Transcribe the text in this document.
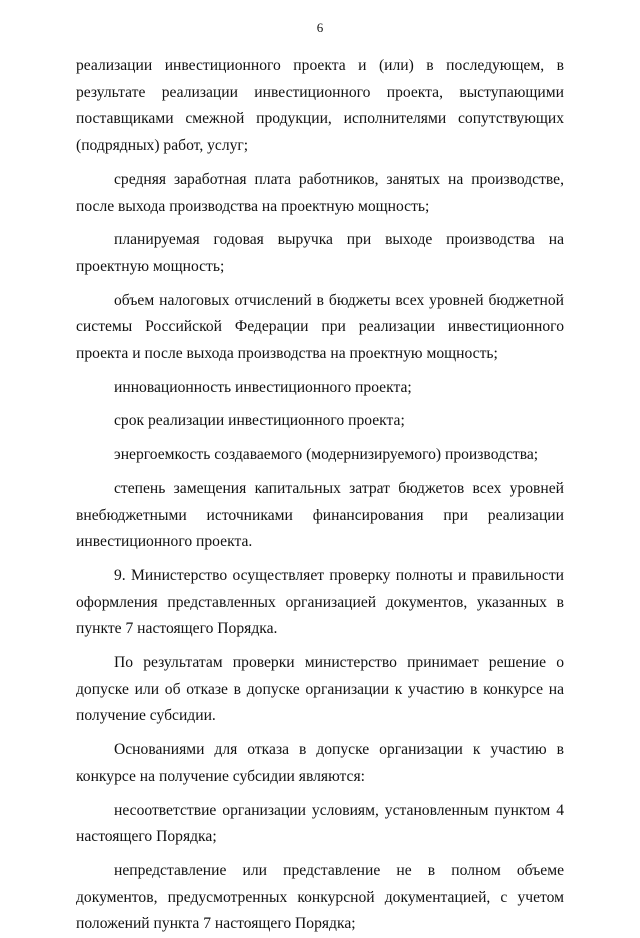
6

реализации инвестиционного проекта и (или) в последующем, в результате реализации инвестиционного проекта, выступающими поставщиками смежной продукции, исполнителями сопутствующих (подрядных) работ, услуг;

средняя заработная плата работников, занятых на производстве, после выхода производства на проектную мощность;

планируемая годовая выручка при выходе производства на проектную мощность;

объем налоговых отчислений в бюджеты всех уровней бюджетной системы Российской Федерации при реализации инвестиционного проекта и после выхода производства на проектную мощность;

инновационность инвестиционного проекта;

срок реализации инвестиционного проекта;

энергоемкость создаваемого (модернизируемого) производства;

степень замещения капитальных затрат бюджетов всех уровней внебюджетными источниками финансирования при реализации инвестиционного проекта.

9. Министерство осуществляет проверку полноты и правильности оформления представленных организацией документов, указанных в пункте 7 настоящего Порядка.

По результатам проверки министерство принимает решение о допуске или об отказе в допуске организации к участию в конкурсе на получение субсидии.

Основаниями для отказа в допуске организации к участию в конкурсе на получение субсидии являются:

несоответствие организации условиям, установленным пунктом 4 настоящего Порядка;

непредставление или представление не в полном объеме документов, предусмотренных конкурсной документацией, с учетом положений пункта 7 настоящего Порядка;
